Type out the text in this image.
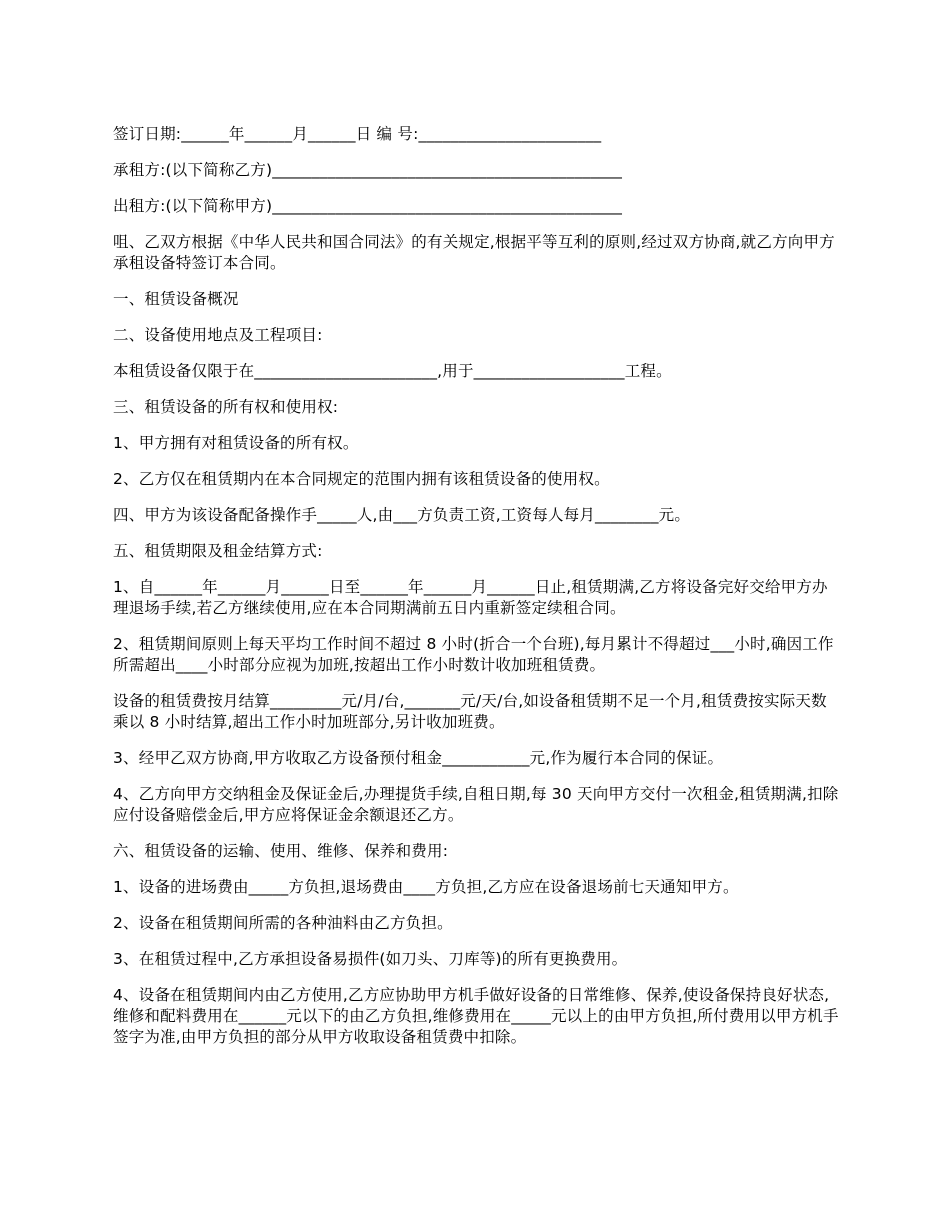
签订日期:______年______月______日 编 号:_______________________

承租方:(以下简称乙方)____________________________________________

出租方:(以下简称甲方)____________________________________________

咀、乙双方根据《中华人民共和国合同法》的有关规定,根据平等互利的原则,经过双方协商,就乙方向甲方承租设备特签订本合同。

一、租赁设备概况

二、设备使用地点及工程项目:

本租赁设备仅限于在_______________________,用于___________________工程。

三、租赁设备的所有权和使用权:

1、甲方拥有对租赁设备的所有权。

2、乙方仅在租赁期内在本合同规定的范围内拥有该租赁设备的使用权。

四、甲方为该设备配备操作手_____人,由___方负责工资,工资每人每月________元。

五、租赁期限及租金结算方式:

1、自______年______月______日至______年______月______日止,租赁期满,乙方将设备完好交给甲方办理退场手续,若乙方继续使用,应在本合同期满前五日内重新签定续租合同。

2、租赁期间原则上每天平均工作时间不超过 8 小时(折合一个台班),每月累计不得超过___小时,确因工作所需超出____小时部分应视为加班,按超出工作小时数计收加班租赁费。

设备的租赁费按月结算_________元/月/台,_______元/天/台,如设备租赁期不足一个月,租赁费按实际天数乘以 8 小时结算,超出工作小时加班部分,另计收加班费。

3、经甲乙双方协商,甲方收取乙方设备预付租金___________元,作为履行本合同的保证。

4、乙方向甲方交纳租金及保证金后,办理提货手续,自租日期,每 30 天向甲方交付一次租金,租赁期满,扣除应付设备赔偿金后,甲方应将保证金余额退还乙方。

六、租赁设备的运输、使用、维修、保养和费用:

1、设备的进场费由_____方负担,退场费由____方负担,乙方应在设备退场前七天通知甲方。

2、设备在租赁期间所需的各种油料由乙方负担。

3、在租赁过程中,乙方承担设备易损件(如刀头、刀库等)的所有更换费用。

4、设备在租赁期间内由乙方使用,乙方应协助甲方机手做好设备的日常维修、保养,使设备保持良好状态,维修和配料费用在______元以下的由乙方负担,维修费用在_____元以上的由甲方负担,所付费用以甲方机手签字为准,由甲方负担的部分从甲方收取设备租赁费中扣除。
